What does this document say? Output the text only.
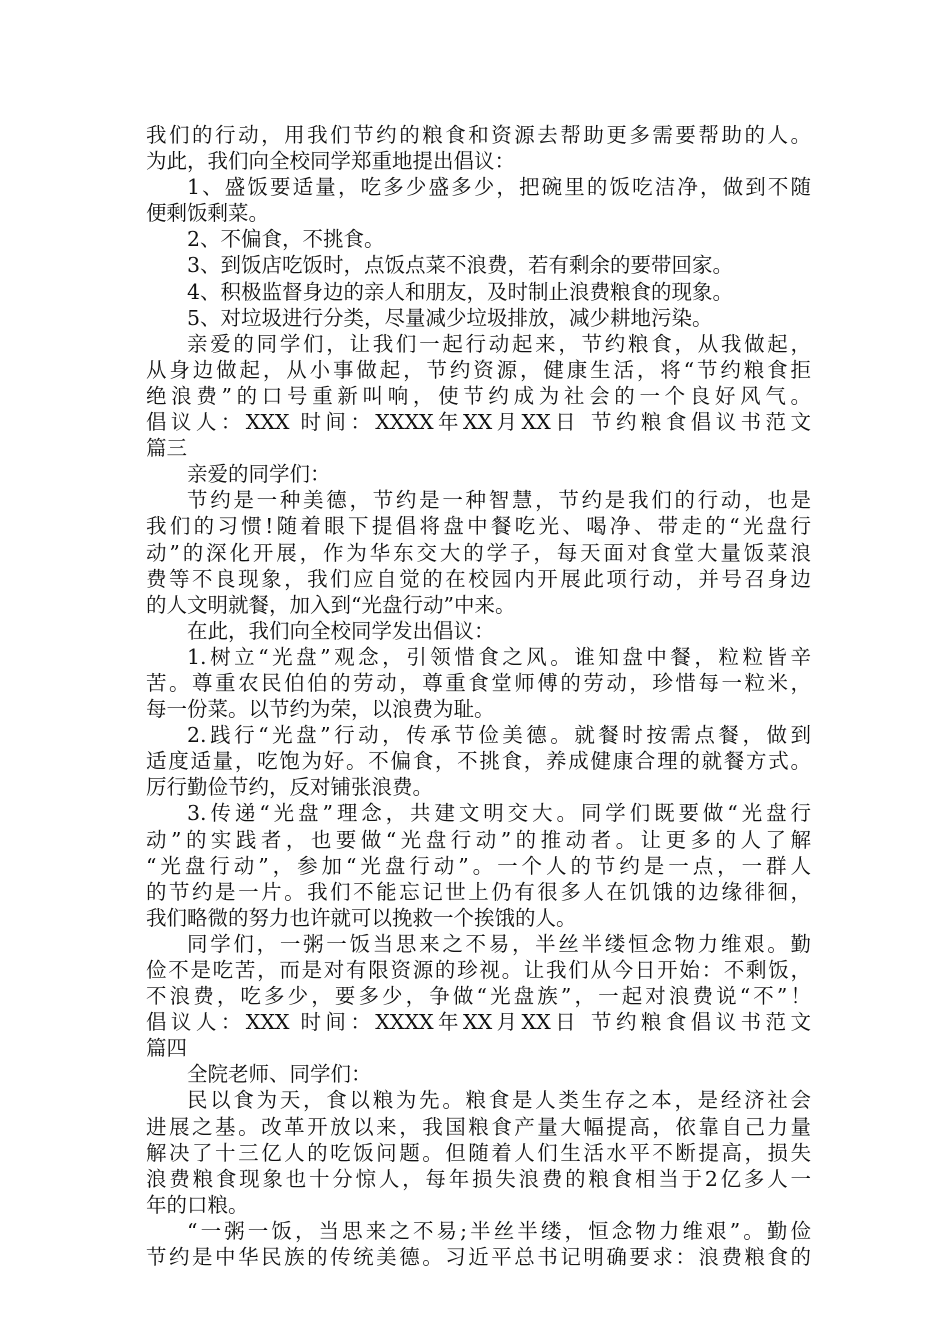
我们的行动，用我们节约的粮食和资源去帮助更多需要帮助的人。
为此，我们向全校同学郑重地提出倡议：
1、盛饭要适量，吃多少盛多少，把碗里的饭吃洁净，做到不随
便剩饭剩菜。
2、不偏食，不挑食。
3、到饭店吃饭时，点饭点菜不浪费，若有剩余的要带回家。
4、积极监督身边的亲人和朋友，及时制止浪费粮食的现象。
5、对垃圾进行分类，尽量减少垃圾排放，减少耕地污染。
亲爱的同学们，让我们一起行动起来，节约粮食，从我做起，
从身边做起，从小事做起，节约资源，健康生活，将“节约粮食拒
绝浪费”的口号重新叫响，使节约成为社会的一个良好风气。
倡议人：XXX 时间：XXXX年XX月XX日 节约粮食倡议书范文
篇三
亲爱的同学们：
节约是一种美德，节约是一种智慧，节约是我们的行动，也是
我们的习惯!随着眼下提倡将盘中餐吃光、喝净、带走的“光盘行
动”的深化开展，作为华东交大的学子，每天面对食堂大量饭菜浪
费等不良现象，我们应自觉的在校园内开展此项行动，并号召身边
的人文明就餐，加入到“光盘行动”中来。
在此，我们向全校同学发出倡议：
1.树立“光盘”观念，引领惜食之风。谁知盘中餐，粒粒皆辛
苦。尊重农民伯伯的劳动，尊重食堂师傅的劳动，珍惜每一粒米，
每一份菜。以节约为荣，以浪费为耻。
2.践行“光盘”行动，传承节俭美德。就餐时按需点餐，做到
适度适量，吃饱为好。不偏食，不挑食，养成健康合理的就餐方式。
厉行勤俭节约，反对铺张浪费。
3.传递“光盘”理念，共建文明交大。同学们既要做“光盘行
动”的实践者，也要做“光盘行动”的推动者。让更多的人了解
“光盘行动”，参加“光盘行动”。一个人的节约是一点，一群人
的节约是一片。我们不能忘记世上仍有很多人在饥饿的边缘徘徊，
我们略微的努力也许就可以挽救一个挨饿的人。
同学们，一粥一饭当思来之不易，半丝半缕恒念物力维艰。勤
俭不是吃苦，而是对有限资源的珍视。让我们从今日开始：不剩饭，
不浪费，吃多少，要多少，争做“光盘族”，一起对浪费说“不”！
倡议人：XXX 时间：XXXX年XX月XX日 节约粮食倡议书范文
篇四
全院老师、同学们：
民以食为天，食以粮为先。粮食是人类生存之本，是经济社会
进展之基。改革开放以来，我国粮食产量大幅提高，依靠自己力量
解决了十三亿人的吃饭问题。但随着人们生活水平不断提高，损失
浪费粮食现象也十分惊人，每年损失浪费的粮食相当于2亿多人一
年的口粮。
“一粥一饭，当思来之不易;半丝半缕，恒念物力维艰”。勤俭
节约是中华民族的传统美德。习近平总书记明确要求：浪费粮食的
